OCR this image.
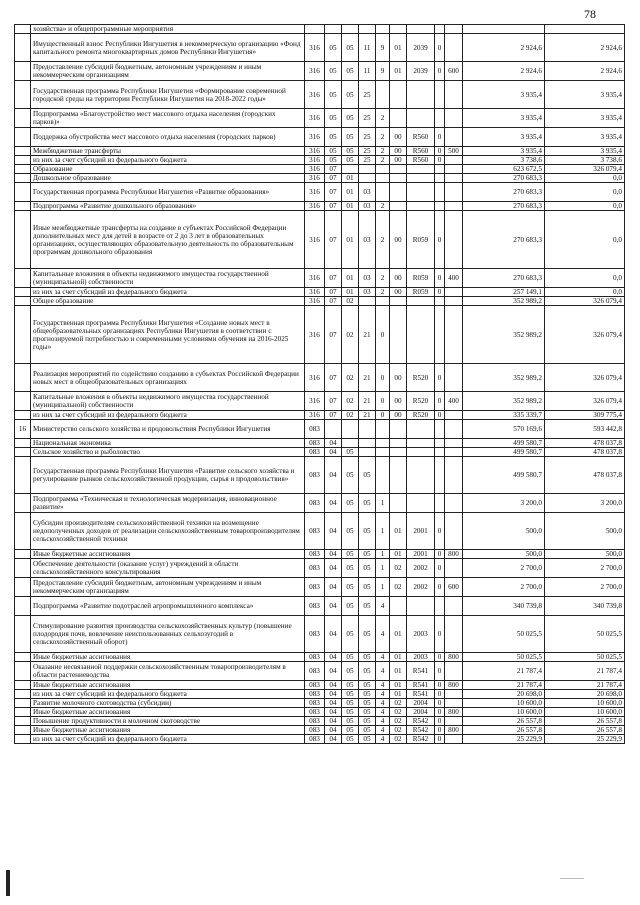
78
	хозяйства» и общепрограммные мероприятия											
	Имущественный взнос Республики Ингушетия в некоммерческую организацию «Фонд капитального ремонта многоквартирных домов Республики Ингушетия»	316	05	05	11	9	01	2039	0		2 924,6	2 924,6
	Предоставление субсидий бюджетным, автономным учреждениям и иным некоммерческим организациям	316	05	05	11	9	01	2039	0	600	2 924,6	2 924,6
	Государственная программа Республики Ингушетия «Формирование современной городской среды на территории Республики Ингушетия на 2018-2022 годы»	316	05	05	25						3 935,4	3 935,4
	Подпрограмма «Благоустройство мест массового отдыха населения (городских парков)»	316	05	05	25	2					3 935,4	3 935,4
	Поддержка обустройства мест массового отдыха населения (городских парков)	316	05	05	25	2	00	R560	0		3 935,4	3 935,4
	Межбюджетные трансферты	316	05	05	25	2	00	R560	0	500	3 935,4	3 935,4
	из них за счет субсидий из федерального бюджета	316	05	05	25	2	00	R560	0		3 738,6	3 738,6
	Образование	316	07								623 672,5	326 079,4
	Дошкольное образование	316	07	01							270 683,3	0,0
	Государственная программа Республики Ингушетия «Развитие образования»	316	07	01	03						270 683,3	0,0
	Подпрограмма «Развитие дошкольного образования»	316	07	01	03	2					270 683,3	0,0
	Иные межбюджетные трансферты на создание в субъектах Российской Федерации дополнительных мест для детей в возрасте от 2 до 3 лет в образовательных организациях, осуществляющих образовательную деятельность по образовательным программам дошкольного образования	316	07	01	03	2	00	R059	0		270 683,3	0,0
	Капитальные вложения в объекты недвижимого имущества государственной (муниципальной) собственности	316	07	01	03	2	00	R059	0	400	270 683,3	0,0
	из них за счет субсидий из федерального бюджета	316	07	01	03	2	00	R059	0		257 149,1	0,0
	Общее образование	316	07	02							352 989,2	326 079,4
	Государственная программа Республики Ингушетия «Создание новых мест в общеобразовательных организациях Республики Ингушетия в соответствии с прогнозируемой потребностью и современными условиями обучения на 2016-2025 годы»	316	07	02	21	0					352 989,2	326 079,4
	Реализация мероприятий по содействию созданию в субъектах Российской Федерации новых мест в общеобразовательных организациях	316	07	02	21	0	00	R520	0		352 989,2	326 079,4
	Капитальные вложения в объекты недвижимого имущества государственной (муниципальной) собственности	316	07	02	21	0	00	R520	0	400	352 989,2	326 079,4
	из них за счет субсидий из федерального бюджета	316	07	02	21	0	00	R520	0		335 339,7	309 775,4
16	Министерство сельского хозяйства и продовольствия Республики Ингушетия	083									570 169,6	593 442,8
	Национальная экономика	083	04								499 580,7	478 037,8
	Сельское хозяйство и рыболовство	083	04	05							499 580,7	478 037,8
	Государственная программа Республики Ингушетия «Развитие сельского хозяйства и регулирование рынков сельскохозяйственной продукции, сырья и продовольствия»	083	04	05	05						499 580,7	478 037,8
	Подпрограмма «Техническая и технологическая модернизация, инновационное развитие»	083	04	05	05	1					3 200,0	3 200,0
	Субсидии производителям сельскохозяйственной техники на возмещение недополученных доходов от реализации сельскохозяйственным товаропроизводителям сельскохозяйственной техники	083	04	05	05	1	01	2001	0		500,0	500,0
	Иные бюджетные ассигнования	083	04	05	05	1	01	2001	0	800	500,0	500,0
	Обеспечение деятельности (оказание услуг) учреждений в области сельскохозяйственного консультирования	083	04	05	05	1	02	2002	0		2 700,0	2 700,0
	Предоставление субсидий бюджетным, автономным учреждениям и иным некоммерческим организациям	083	04	05	05	1	02	2002	0	600	2 700,0	2 700,0
	Подпрограмма «Развитие подотраслей агропромышленного комплекса»	083	04	05	05	4					340 739,8	340 739,8
	Стимулирование развития производства сельскохозяйственных культур (повышение плодородия почв, вовлечение неиспользованных сельхозугодий в сельскохозяйственный оборот)	083	04	05	05	4	01	2003	0		50 025,5	50 025,5
	Иные бюджетные ассигнования	083	04	05	05	4	01	2003	0	800	50 025,5	50 025,5
	Оказание несвязанной поддержки сельскохозяйственным товаропроизводителям в области растениеводства	083	04	05	05	4	01	R541	0		21 787,4	21 787,4
	Иные бюджетные ассигнования	083	04	05	05	4	01	R541	0	800	21 787,4	21 787,4
	из них за счет субсидий из федерального бюджета	083	04	05	05	4	01	R541	0		20 698,0	20 698,0
	Развитие молочного скотоводства (субсидии)	083	04	05	05	4	02	2004	0		10 600,0	10 600,0
	Иные бюджетные ассигнования	083	04	05	05	4	02	2004	0	800	10 600,0	10 600,0
	Повышение продуктивности в молочном скотоводстве	083	04	05	05	4	02	R542	0		26 557,8	26 557,8
	Иные бюджетные ассигнования	083	04	05	05	4	02	R542	0	800	26 557,8	26 557,8
	из них за счет субсидий из федерального бюджета	083	04	05	05	4	02	R542	0		25 229,9	25 229,9
